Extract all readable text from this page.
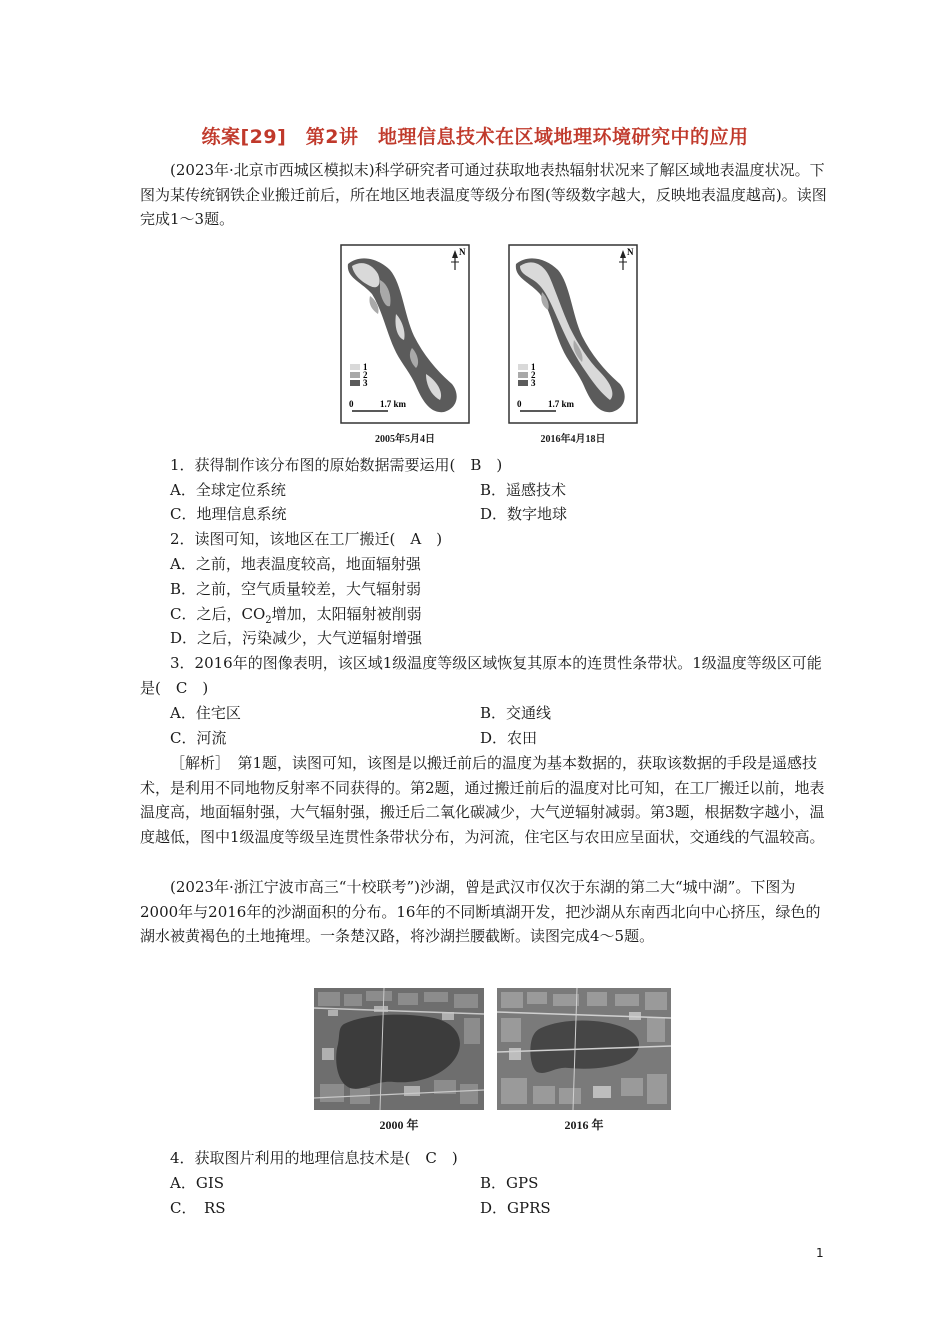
练案[29]　第2讲　地理信息技术在区域地理环境研究中的应用

(2023年·北京市西城区模拟末)科学研究者可通过获取地表热辐射状况来了解区域地表温度状况。下图为某传统钢铁企业搬迁前后，所在地区地表温度等级分布图(等级数字越大，反映地表温度越高)。读图完成1～3题。

N
1
2
3
0	1.7 km
2005年5月4日
N
1
2
3
0	1.7 km
2016年4月18日
1．获得制作该分布图的原始数据需要运用(　B　)
A．全球定位系统	B．遥感技术
C．地理信息系统	D．数字地球
2．读图可知，该地区在工厂搬迁(　A　)
A．之前，地表温度较高，地面辐射强
B．之前，空气质量较差，大气辐射弱
C．之后，$CO_2$增加，太阳辐射被削弱
D．之后，污染减少，大气逆辐射增强

3．2016年的图像表明，该区域1级温度等级区域恢复其原本的连贯性条带状。1级温度等级区可能是(　C　)

A．住宅区	B．交通线
C．河流	D．农田

［解析］　第1题，读图可知，该图是以搬迁前后的温度为基本数据的，获取该数据的手段是遥感技术，是利用不同地物反射率不同获得的。第2题，通过搬迁前后的温度对比可知，在工厂搬迁以前，地表温度高，地面辐射强，大气辐射强，搬迁后二氧化碳减少，大气逆辐射减弱。第3题，根据数字越小，温度越低，图中1级温度等级呈连贯性条带状分布，为河流，住宅区与农田应呈面状，交通线的气温较高。

(2023年·浙江宁波市高三“十校联考”)沙湖，曾是武汉市仅次于东湖的第二大“城中湖”。下图为2000年与2016年的沙湖面积的分布。16年的不同断填湖开发，把沙湖从东南西北向中心挤压，绿色的湖水被黄褐色的土地掩埋。一条楚汉路，将沙湖拦腰截断。读图完成4～5题。

2000 年	2016 年
4．获取图片利用的地理信息技术是(　C　)
A．GIS	B．GPS
C．　RS	D．GPRS
1
